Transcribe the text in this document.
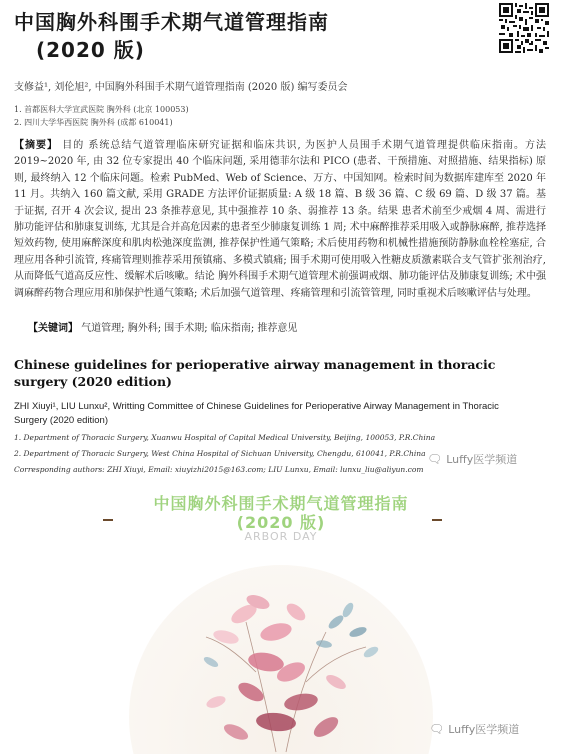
中国胸外科围手术期气道管理指南
(2020 版)
支修益¹, 刘伦旭², 中国胸外科围手术期气道管理指南 (2020 版) 编写委员会
1. 首都医科大学宣武医院 胸外科 (北京 100053)
2. 四川大学华西医院 胸外科 (成都 610041)
【摘要】 目的 系统总结气道管理临床研究证据和临床共识, 为医护人员围手术期气道管理提供临床指南。方法 2019~2020 年, 由 32 位专家提出 40 个临床问题, 采用德菲尔法和 PICO (患者、干预措施、对照措施、结果指标) 原则, 最终纳入 12 个临床问题。检索 PubMed、Web of Science、万方、中国知网。检索时间为数据库建库至 2020 年 11 月。共纳入 160 篇文献, 采用 GRADE 方法评价证据质量: A 级 18 篇、B 级 36 篇、C 级 69 篇、D 级 37 篇。基于证据, 召开 4 次会议, 提出 23 条推荐意见, 其中强推荐 10 条、弱推荐 13 条。结果 患者术前至少戒烟 4 周、需进行肺功能评估和肺康复训练, 尤其是合并高危因素的患者至少肺康复训练 1 周; 术中麻醉推荐采用吸入或静脉麻醉, 推荐选择短效药物, 使用麻醉深度和肌肉松弛深度监测, 推荐保护性通气策略; 术后使用药物和机械性措施预防静脉血栓栓塞症, 合理应用各种引流管, 疼痛管理则推荐采用预镇痛、多模式镇痛; 围手术期可使用吸入性糖皮质激素联合支气管扩张剂治疗, 从而降低气道高反应性、缓解术后咳嗽。结论 胸外科围手术期气道管理术前强调戒烟、肺功能评估及肺康复训练; 术中强调麻醉药物合理应用和肺保护性通气策略; 术后加强气道管理、疼痛管理和引流管管理, 同时重视术后咳嗽评估与处理。
【关键词】 气道管理; 胸外科; 围手术期; 临床指南; 推荐意见
Chinese guidelines for perioperative airway management in thoracic surgery (2020 edition)
ZHI Xiuyi¹, LIU Lunxu², Writting Committee of Chinese Guidelines for Perioperative Airway Management in Thoracic Surgery (2020 edition)
1. Department of Thoracic Surgery, Xuanwu Hospital of Capital Medical University, Beijing, 100053, P.R.China
2. Department of Thoracic Surgery, West China Hospital of Sichuan University, Chengdu, 610041, P.R.China
Corresponding authors: ZHI Xiuyi, Email: xiuyizhi2015@163.com; LIU Lunxu, Email: lunxu_liu@aliyun.com
🗨 Luffy医学频道
中国胸外科围手术期气道管理指南
(2020 版)
ARBOR DAY
🗨 Luffy医学频道
